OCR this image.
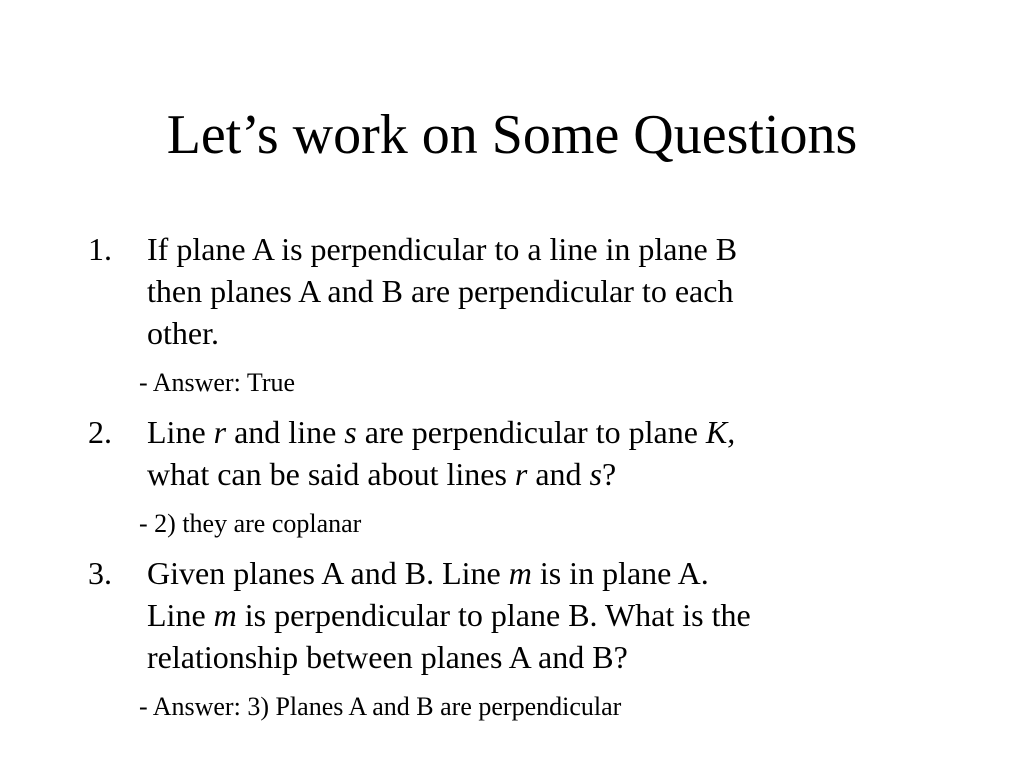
Let’s work on Some Questions
1.	If plane A is perpendicular to a line in plane B
then planes A and B are perpendicular to each
other.
- Answer: True
2.	Line r and line s are perpendicular to plane K,
what can be said about lines r and s?
- 2) they are coplanar
3.	Given planes A and B. Line m is in plane A.
Line m is perpendicular to plane B. What is the
relationship between planes A and B?
- Answer: 3) Planes A and B are perpendicular
